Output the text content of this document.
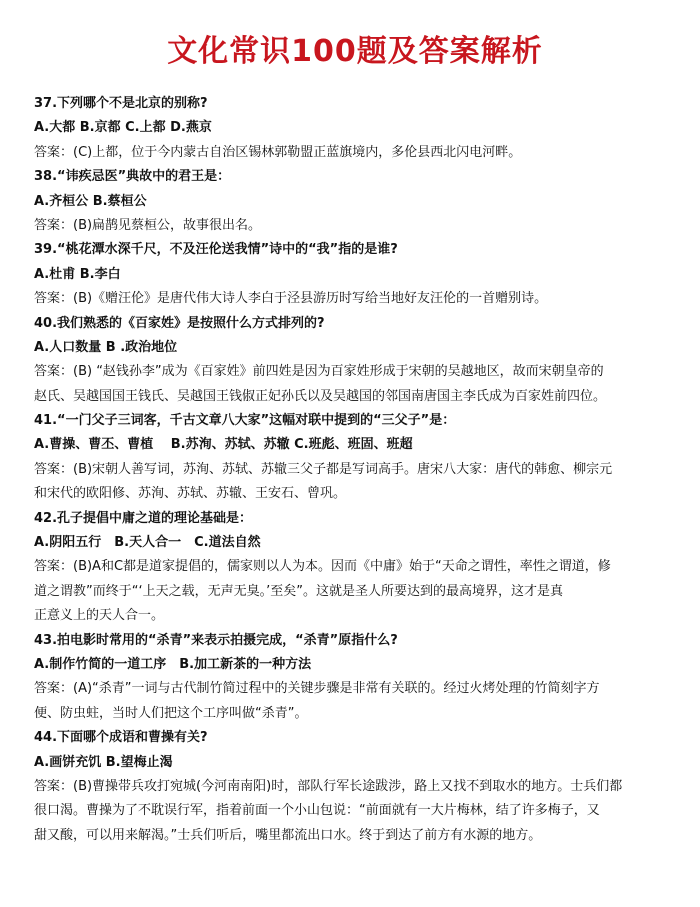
文化常识100题及答案解析
37.下列哪个不是北京的别称?
A.大都 B.京都 C.上都 D.燕京
答案：(C)上都，位于今内蒙古自治区锡林郭勒盟正蓝旗境内，多伦县西北闪电河畔。
38.“讳疾忌医”典故中的君王是：
A.齐桓公 B.蔡桓公
答案：(B)扁鹊见蔡桓公，故事很出名。
39.“桃花潭水深千尺，不及汪伦送我情”诗中的“我”指的是谁?
A.杜甫 B.李白
答案：(B)《赠汪伦》是唐代伟大诗人李白于泾县游历时写给当地好友汪伦的一首赠别诗。
40.我们熟悉的《百家姓》是按照什么方式排列的?
A.人口数量 B .政治地位
答案：(B) “赵钱孙李”成为《百家姓》前四姓是因为百家姓形成于宋朝的吴越地区，故而宋朝皇帝的
赵氏、吴越国国王钱氏、吴越国王钱俶正妃孙氏以及吴越国的邻国南唐国主李氏成为百家姓前四位。
41.“一门父子三词客，千古文章八大家”这幅对联中提到的“三父子”是：
A.曹操、曹丕、曹植　 B.苏洵、苏轼、苏辙 C.班彪、班固、班超
答案：(B)宋朝人善写词，苏洵、苏轼、苏辙三父子都是写词高手。唐宋八大家：唐代的韩愈、柳宗元
和宋代的欧阳修、苏洵、苏轼、苏辙、王安石、曾巩。
42.孔子提倡中庸之道的理论基础是：
A.阴阳五行　B.天人合一　C.道法自然
答案：(B)A和C都是道家提倡的，儒家则以人为本。因而《中庸》始于“天命之谓性，率性之谓道，修
道之谓教”而终于“‘上天之载，无声无臭。’至矣”。这就是圣人所要达到的最高境界，这才是真
正意义上的天人合一。
43.拍电影时常用的“杀青”来表示拍摄完成，“杀青”原指什么?
A.制作竹简的一道工序　B.加工新茶的一种方法
答案：(A)“杀青”一词与古代制竹简过程中的关键步骤是非常有关联的。经过火烤处理的竹简刻字方
便、防虫蛀，当时人们把这个工序叫做“杀青”。
44.下面哪个成语和曹操有关?
A.画饼充饥 B.望梅止渴
答案：(B)曹操带兵攻打宛城(今河南南阳)时，部队行军长途跋涉，路上又找不到取水的地方。士兵们都
很口渴。曹操为了不耽误行军，指着前面一个小山包说：“前面就有一大片梅林，结了许多梅子，又
甜又酸，可以用来解渴。”士兵们听后，嘴里都流出口水。终于到达了前方有水源的地方。
